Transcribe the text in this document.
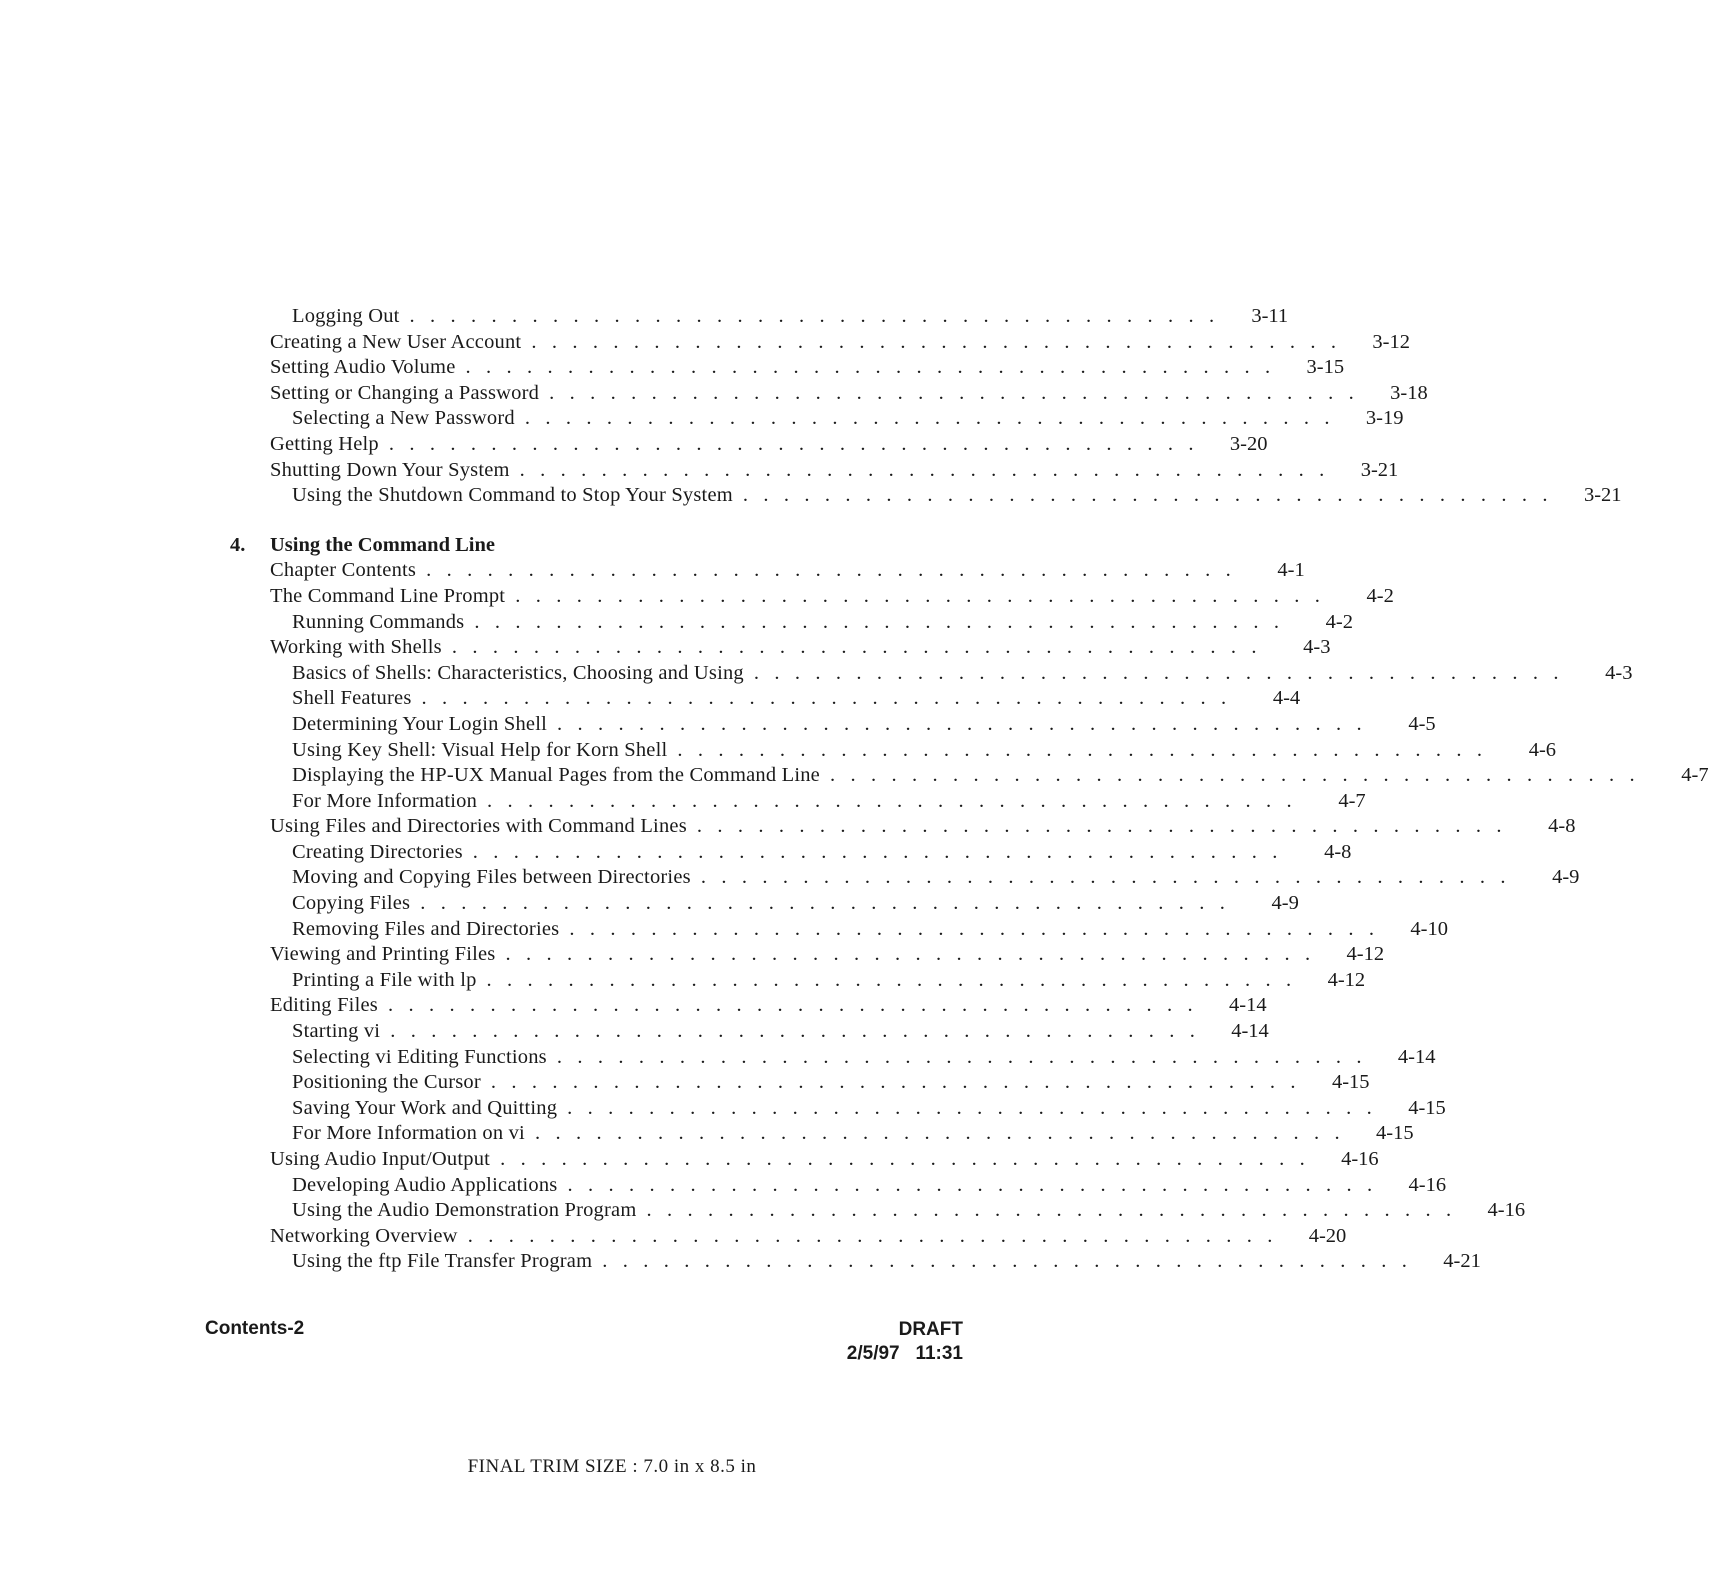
Logging Out .   .   .   .   .   .   .   .   .   .   .   .   .   .   .   .   .   .   .   .   .   .   .   .   .   .   .   .   .   .   .   .   .   .   .   .   .   .   .   .	3-11
Creating a New User Account .   .   .   .   .   .   .   .   .   .   .   .   .   .   .   .   .   .   .   .   .   .   .   .   .   .   .   .   .   .   .   .   .   .   .   .   .   .   .   .	3-12
Setting Audio Volume .   .   .   .   .   .   .   .   .   .   .   .   .   .   .   .   .   .   .   .   .   .   .   .   .   .   .   .   .   .   .   .   .   .   .   .   .   .   .   .	3-15
Setting or Changing a Password .   .   .   .   .   .   .   .   .   .   .   .   .   .   .   .   .   .   .   .   .   .   .   .   .   .   .   .   .   .   .   .   .   .   .   .   .   .   .   .	3-18
Selecting a New Password .   .   .   .   .   .   .   .   .   .   .   .   .   .   .   .   .   .   .   .   .   .   .   .   .   .   .   .   .   .   .   .   .   .   .   .   .   .   .   .	3-19
Getting Help .   .   .   .   .   .   .   .   .   .   .   .   .   .   .   .   .   .   .   .   .   .   .   .   .   .   .   .   .   .   .   .   .   .   .   .   .   .   .   .	3-20
Shutting Down Your System .   .   .   .   .   .   .   .   .   .   .   .   .   .   .   .   .   .   .   .   .   .   .   .   .   .   .   .   .   .   .   .   .   .   .   .   .   .   .   .	3-21
Using the Shutdown Command to Stop Your System .   .   .   .   .   .   .   .   .   .   .   .   .   .   .   .   .   .   .   .   .   .   .   .   .   .   .   .   .   .   .   .   .   .   .   .   .   .   .   .	3-21
4. Using the Command Line
Chapter Contents .   .   .   .   .   .   .   .   .   .   .   .   .   .   .   .   .   .   .   .   .   .   .   .   .   .   .   .   .   .   .   .   .   .   .   .   .   .   .   .	4-1
The Command Line Prompt .   .   .   .   .   .   .   .   .   .   .   .   .   .   .   .   .   .   .   .   .   .   .   .   .   .   .   .   .   .   .   .   .   .   .   .   .   .   .   .	4-2
Running Commands .   .   .   .   .   .   .   .   .   .   .   .   .   .   .   .   .   .   .   .   .   .   .   .   .   .   .   .   .   .   .   .   .   .   .   .   .   .   .   .	4-2
Working with Shells .   .   .   .   .   .   .   .   .   .   .   .   .   .   .   .   .   .   .   .   .   .   .   .   .   .   .   .   .   .   .   .   .   .   .   .   .   .   .   .	4-3
Basics of Shells: Characteristics, Choosing and Using .   .   .   .   .   .   .   .   .   .   .   .   .   .   .   .   .   .   .   .   .   .   .   .   .   .   .   .   .   .   .   .   .   .   .   .   .   .   .   .	4-3
Shell Features .   .   .   .   .   .   .   .   .   .   .   .   .   .   .   .   .   .   .   .   .   .   .   .   .   .   .   .   .   .   .   .   .   .   .   .   .   .   .   .	4-4
Determining Your Login Shell .   .   .   .   .   .   .   .   .   .   .   .   .   .   .   .   .   .   .   .   .   .   .   .   .   .   .   .   .   .   .   .   .   .   .   .   .   .   .   .	4-5
Using Key Shell: Visual Help for Korn Shell .   .   .   .   .   .   .   .   .   .   .   .   .   .   .   .   .   .   .   .   .   .   .   .   .   .   .   .   .   .   .   .   .   .   .   .   .   .   .   .	4-6
Displaying the HP-UX Manual Pages from the Command Line .   .   .   .   .   .   .   .   .   .   .   .   .   .   .   .   .   .   .   .   .   .   .   .   .   .   .   .   .   .   .   .   .   .   .   .   .   .   .   .	4-7
For More Information .   .   .   .   .   .   .   .   .   .   .   .   .   .   .   .   .   .   .   .   .   .   .   .   .   .   .   .   .   .   .   .   .   .   .   .   .   .   .   .	4-7
Using Files and Directories with Command Lines .   .   .   .   .   .   .   .   .   .   .   .   .   .   .   .   .   .   .   .   .   .   .   .   .   .   .   .   .   .   .   .   .   .   .   .   .   .   .   .	4-8
Creating Directories .   .   .   .   .   .   .   .   .   .   .   .   .   .   .   .   .   .   .   .   .   .   .   .   .   .   .   .   .   .   .   .   .   .   .   .   .   .   .   .	4-8
Moving and Copying Files between Directories .   .   .   .   .   .   .   .   .   .   .   .   .   .   .   .   .   .   .   .   .   .   .   .   .   .   .   .   .   .   .   .   .   .   .   .   .   .   .   .	4-9
Copying Files .   .   .   .   .   .   .   .   .   .   .   .   .   .   .   .   .   .   .   .   .   .   .   .   .   .   .   .   .   .   .   .   .   .   .   .   .   .   .   .	4-9
Removing Files and Directories .   .   .   .   .   .   .   .   .   .   .   .   .   .   .   .   .   .   .   .   .   .   .   .   .   .   .   .   .   .   .   .   .   .   .   .   .   .   .   .	4-10
Viewing and Printing Files .   .   .   .   .   .   .   .   .   .   .   .   .   .   .   .   .   .   .   .   .   .   .   .   .   .   .   .   .   .   .   .   .   .   .   .   .   .   .   .	4-12
Printing a File with lp .   .   .   .   .   .   .   .   .   .   .   .   .   .   .   .   .   .   .   .   .   .   .   .   .   .   .   .   .   .   .   .   .   .   .   .   .   .   .   .	4-12
Editing Files .   .   .   .   .   .   .   .   .   .   .   .   .   .   .   .   .   .   .   .   .   .   .   .   .   .   .   .   .   .   .   .   .   .   .   .   .   .   .   .	4-14
Starting vi .   .   .   .   .   .   .   .   .   .   .   .   .   .   .   .   .   .   .   .   .   .   .   .   .   .   .   .   .   .   .   .   .   .   .   .   .   .   .   .	4-14
Selecting vi Editing Functions .   .   .   .   .   .   .   .   .   .   .   .   .   .   .   .   .   .   .   .   .   .   .   .   .   .   .   .   .   .   .   .   .   .   .   .   .   .   .   .	4-14
Positioning the Cursor .   .   .   .   .   .   .   .   .   .   .   .   .   .   .   .   .   .   .   .   .   .   .   .   .   .   .   .   .   .   .   .   .   .   .   .   .   .   .   .	4-15
Saving Your Work and Quitting .   .   .   .   .   .   .   .   .   .   .   .   .   .   .   .   .   .   .   .   .   .   .   .   .   .   .   .   .   .   .   .   .   .   .   .   .   .   .   .	4-15
For More Information on vi .   .   .   .   .   .   .   .   .   .   .   .   .   .   .   .   .   .   .   .   .   .   .   .   .   .   .   .   .   .   .   .   .   .   .   .   .   .   .   .	4-15
Using Audio Input/Output .   .   .   .   .   .   .   .   .   .   .   .   .   .   .   .   .   .   .   .   .   .   .   .   .   .   .   .   .   .   .   .   .   .   .   .   .   .   .   .	4-16
Developing Audio Applications .   .   .   .   .   .   .   .   .   .   .   .   .   .   .   .   .   .   .   .   .   .   .   .   .   .   .   .   .   .   .   .   .   .   .   .   .   .   .   .	4-16
Using the Audio Demonstration Program .   .   .   .   .   .   .   .   .   .   .   .   .   .   .   .   .   .   .   .   .   .   .   .   .   .   .   .   .   .   .   .   .   .   .   .   .   .   .   .	4-16
Networking Overview .   .   .   .   .   .   .   .   .   .   .   .   .   .   .   .   .   .   .   .   .   .   .   .   .   .   .   .   .   .   .   .   .   .   .   .   .   .   .   .	4-20
Using the ftp File Transfer Program .   .   .   .   .   .   .   .   .   .   .   .   .   .   .   .   .   .   .   .   .   .   .   .   .   .   .   .   .   .   .   .   .   .   .   .   .   .   .   .	4-21
Contents-2	DRAFT
2/5/97   11:31
FINAL TRIM SIZE : 7.0 in x 8.5 in
